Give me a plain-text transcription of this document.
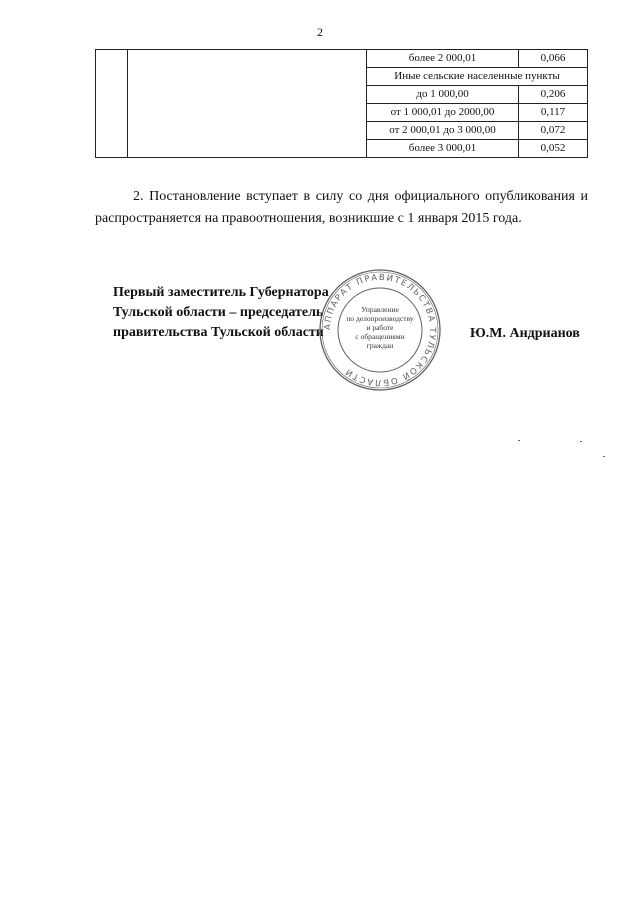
2
		более 2 000,01	0,066
		Иные сельские населенные пункты	
		до 1 000,00	0,206
		от 1 000,01 до 2000,00	0,117
		от 2 000,01 до 3 000,00	0,072
		более 3 000,01	0,052

2. Постановление вступает в силу со дня официального опубликования и распространяется на правоотношения, возникшие с 1 января 2015 года.

Первый заместитель Губернатора
Тульской области – председатель
правительства Тульской области АППАРАТ ПРАВИТЕЛЬСТВА ТУЛЬСКОЙ ОБЛАСТИ
Управление
по делопроизводству
и работе
с обращениями
граждан
Ю.М. Андрианов
